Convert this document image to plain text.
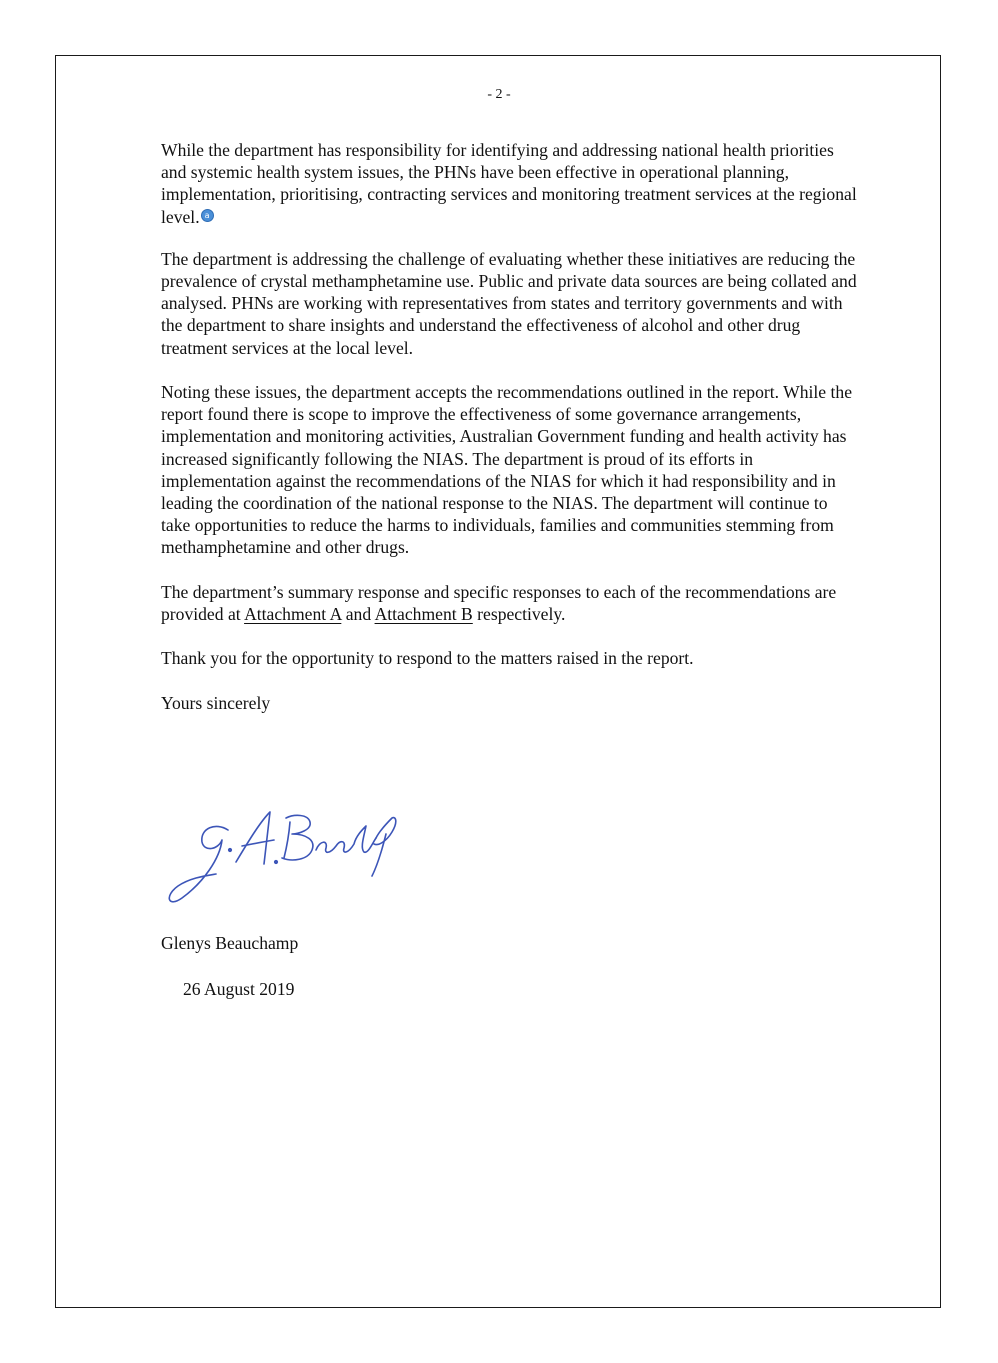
- 2 -

While the department has responsibility for identifying and addressing national health priorities and systemic health system issues, the PHNs have been effective in operational planning, implementation, prioritising, contracting services and monitoring treatment services at the regional level. a

The department is addressing the challenge of evaluating whether these initiatives are reducing the prevalence of crystal methamphetamine use. Public and private data sources are being collated and analysed. PHNs are working with representatives from states and territory governments and with the department to share insights and understand the effectiveness of alcohol and other drug treatment services at the local level.

Noting these issues, the department accepts the recommendations outlined in the report. While the report found there is scope to improve the effectiveness of some governance arrangements, implementation and monitoring activities, Australian Government funding and health activity has increased significantly following the NIAS. The department is proud of its efforts in implementation against the recommendations of the NIAS for which it had responsibility and in leading the coordination of the national response to the NIAS. The department will continue to take opportunities to reduce the harms to individuals, families and communities stemming from methamphetamine and other drugs.

The department’s summary response and specific responses to each of the recommendations are provided at Attachment A and Attachment B respectively.

Thank you for the opportunity to respond to the matters raised in the report.

Yours sincerely

Glenys Beauchamp
26 August 2019
